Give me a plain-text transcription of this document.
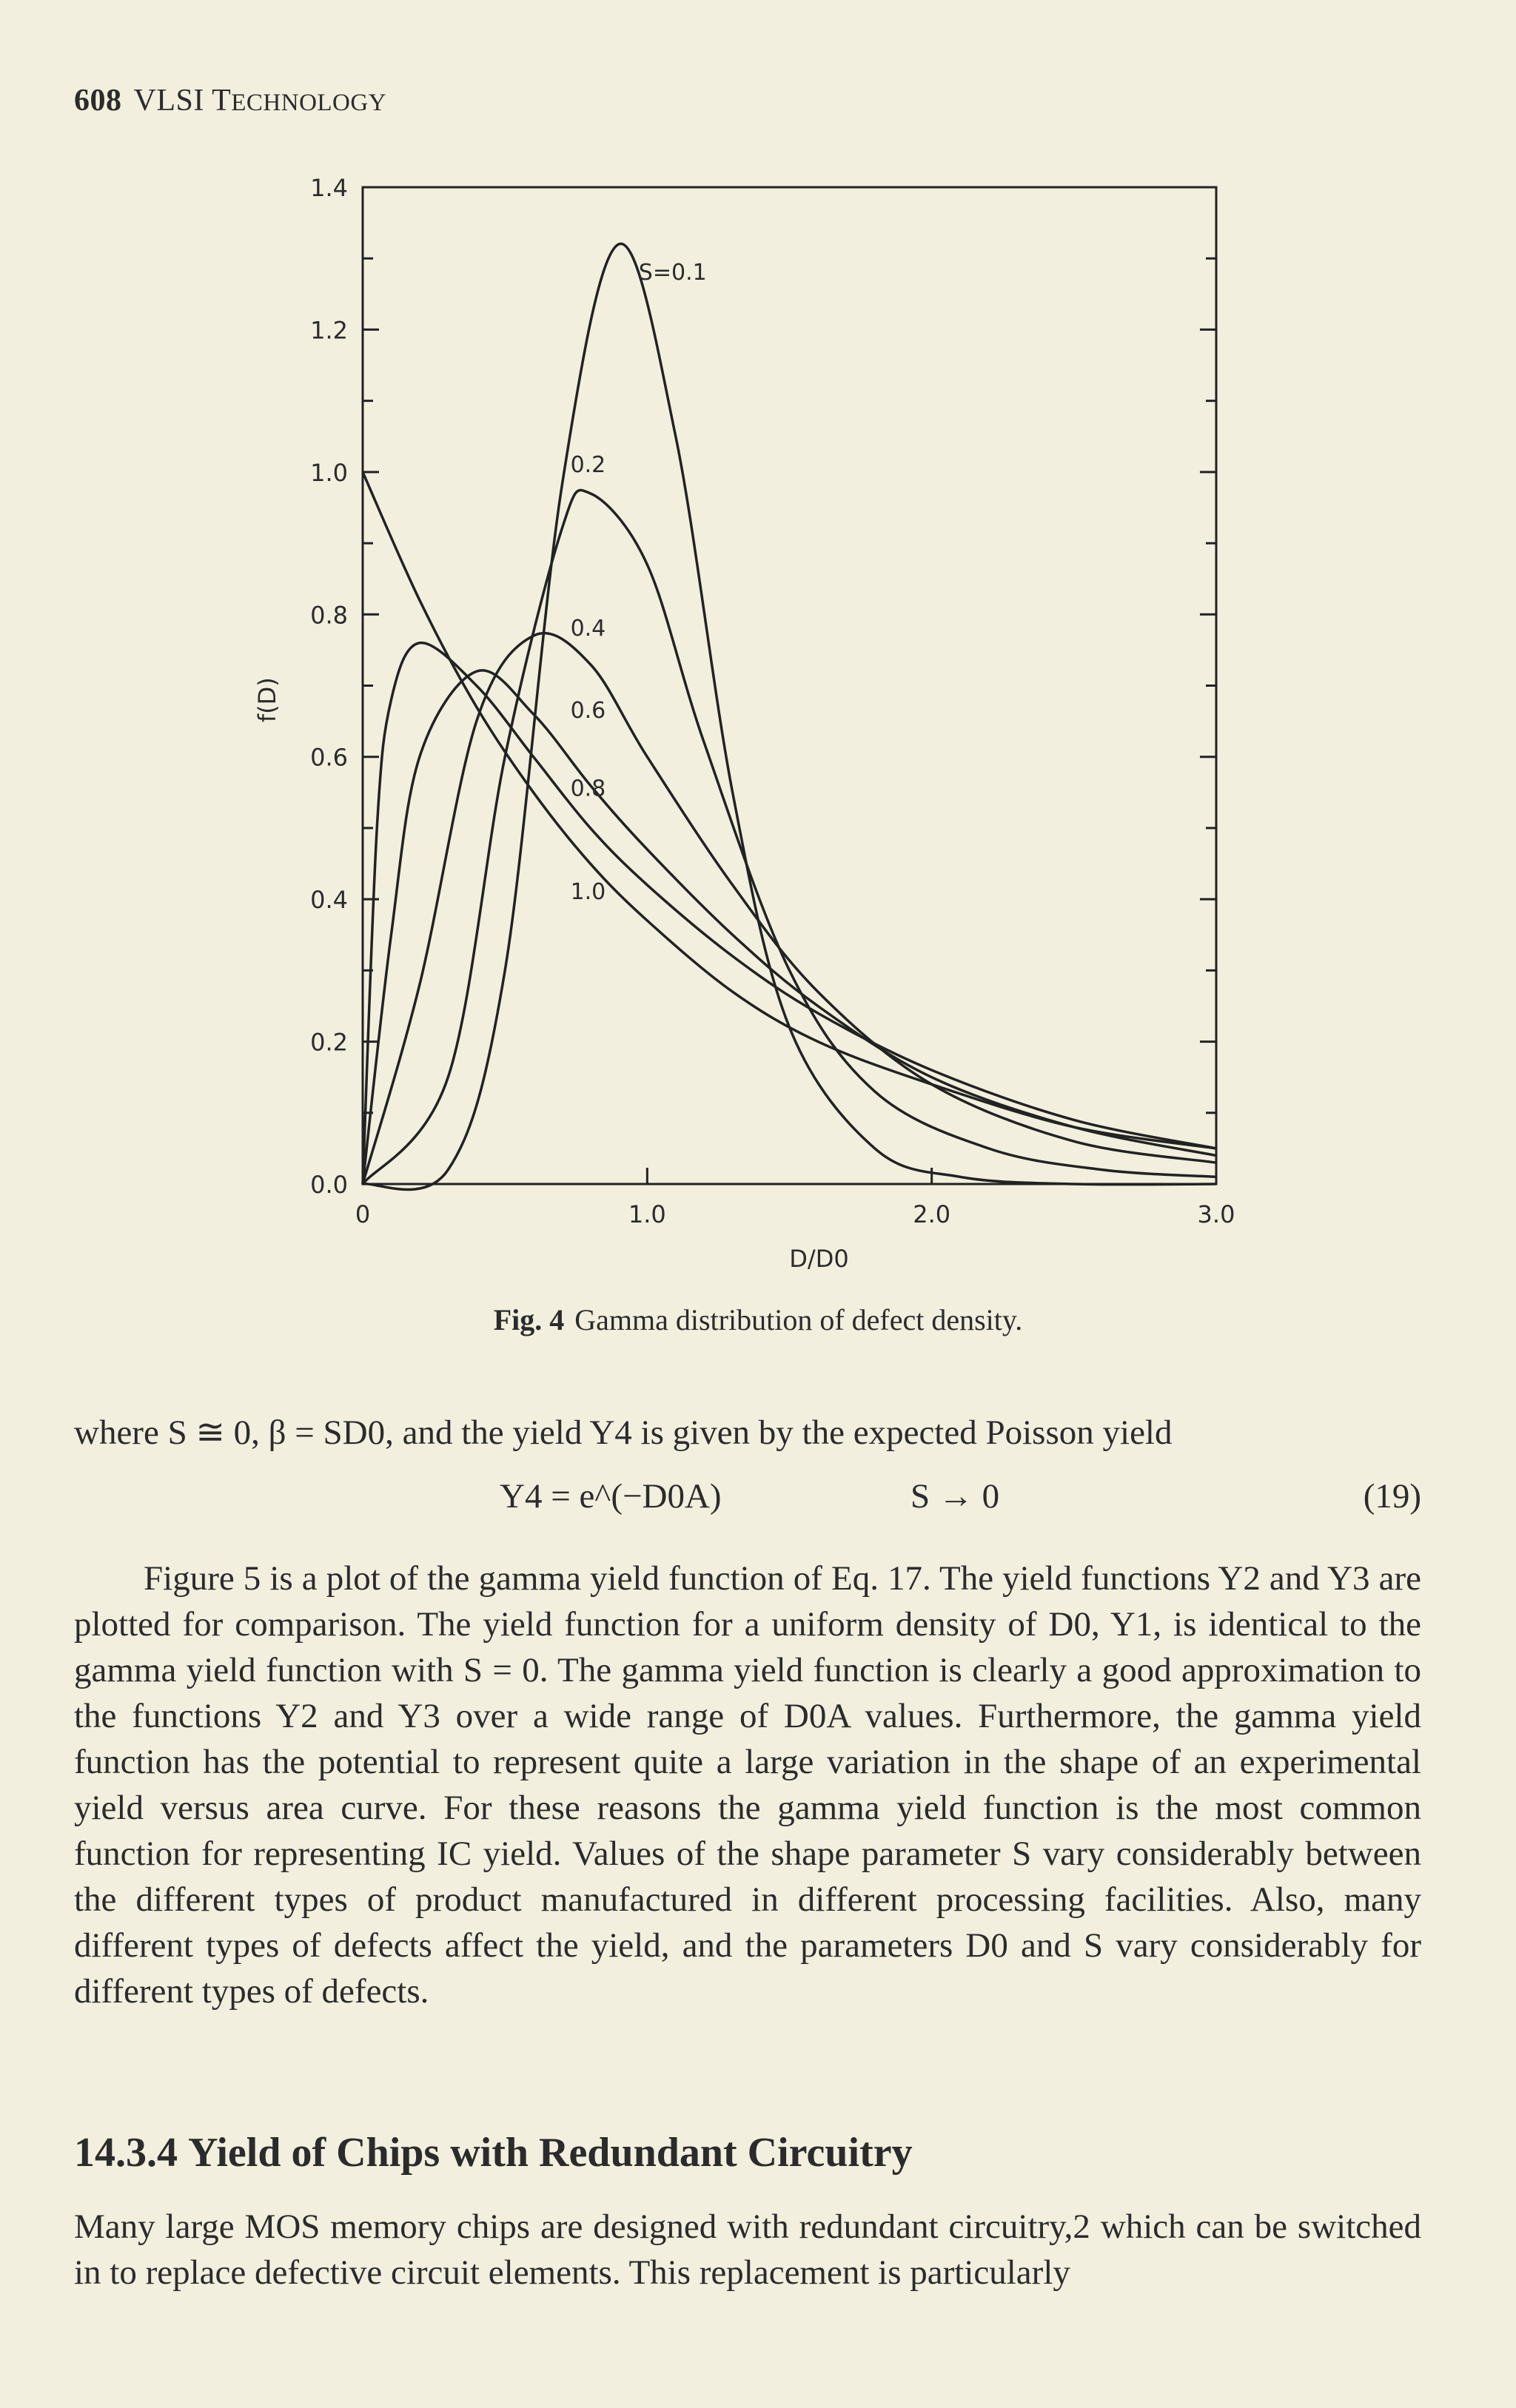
608 VLSI TECHNOLOGY
0.0
0.2
0.4
0.6
0.8
1.0
1.2
1.4
0	1.0	2.0	3.0
D/D0
f(D)
S=0.1
0.2
0.4
0.6
0.8
1.0
Fig. 4 Gamma distribution of defect density.
where S ≅ 0, β = SD0, and the yield Y4 is given by the expected Poisson yield
Y4 = e^(−D0A)	S → 0	(19)
Figure 5 is a plot of the gamma yield function of Eq. 17. The yield functions Y2 and Y3 are plotted for comparison. The yield function for a uniform density of D0, Y1, is identical to the gamma yield function with S = 0. The gamma yield function is clearly a good approximation to the functions Y2 and Y3 over a wide range of D0A values. Furthermore, the gamma yield function has the potential to represent quite a large variation in the shape of an experimental yield versus area curve. For these reasons the gamma yield function is the most common function for representing IC yield. Values of the shape parameter S vary considerably between the different types of product manufactured in different processing facilities. Also, many different types of defects affect the yield, and the parameters D0 and S vary considerably for different types of defects.
14.3.4 Yield of Chips with Redundant Circuitry
Many large MOS memory chips are designed with redundant circuitry,2 which can be switched in to replace defective circuit elements. This replacement is particularly
